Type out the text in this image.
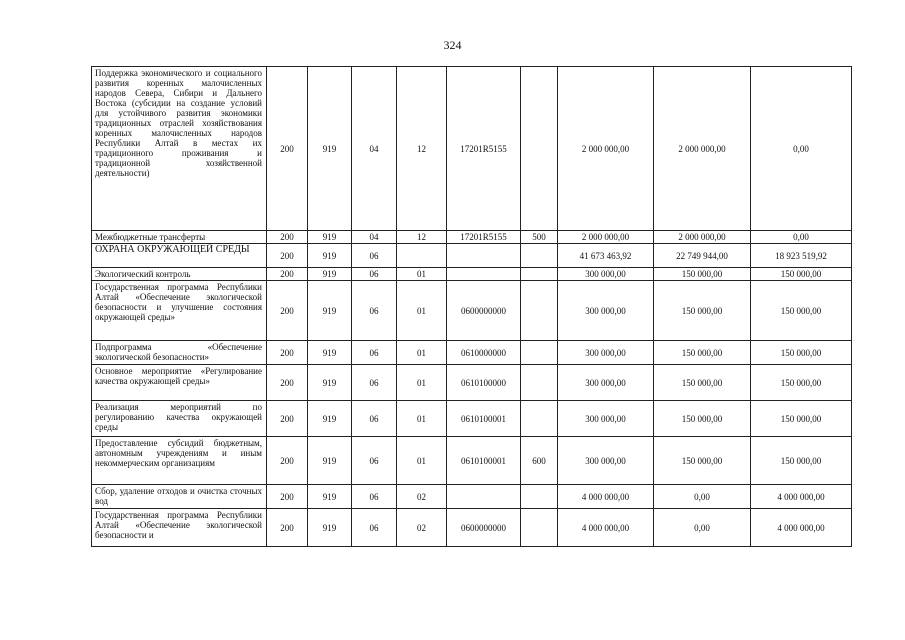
324
Поддержка экономического и социального развития коренных малочисленных народов Севера, Сибири и Дальнего Востока (субсидии на создание условий для устойчивого развития экономики традиционных отраслей хозяйствования коренных малочисленных народов Республики Алтай в местах их традиционного проживания и традиционной хозяйственной деятельности)	200	919	04	12	17201R5155		2 000 000,00	2 000 000,00	0,00
Межбюджетные трансферты	200	919	04	12	17201R5155	500	2 000 000,00	2 000 000,00	0,00
ОХРАНА ОКРУЖАЮЩЕЙ СРЕДЫ	200	919	06				41 673 463,92	22 749 944,00	18 923 519,92
Экологический контроль	200	919	06	01			300 000,00	150 000,00	150 000,00
Государственная программа Республики Алтай «Обеспечение экологической безопасности и улучшение состояния окружающей среды»	200	919	06	01	0600000000		300 000,00	150 000,00	150 000,00
Подпрограмма «Обеспечение экологической безопасности»	200	919	06	01	0610000000		300 000,00	150 000,00	150 000,00
Основное мероприятие «Регулирование качества окружающей среды»	200	919	06	01	0610100000		300 000,00	150 000,00	150 000,00
Реализация мероприятий по регулированию качества окружающей среды	200	919	06	01	0610100001		300 000,00	150 000,00	150 000,00
Предоставление субсидий бюджетным, автономным учреждениям и иным некоммерческим организациям	200	919	06	01	0610100001	600	300 000,00	150 000,00	150 000,00
Сбор, удаление отходов и очистка сточных вод	200	919	06	02			4 000 000,00	0,00	4 000 000,00
Государственная программа Республики Алтай «Обеспечение экологической безопасности и	200	919	06	02	0600000000		4 000 000,00	0,00	4 000 000,00
